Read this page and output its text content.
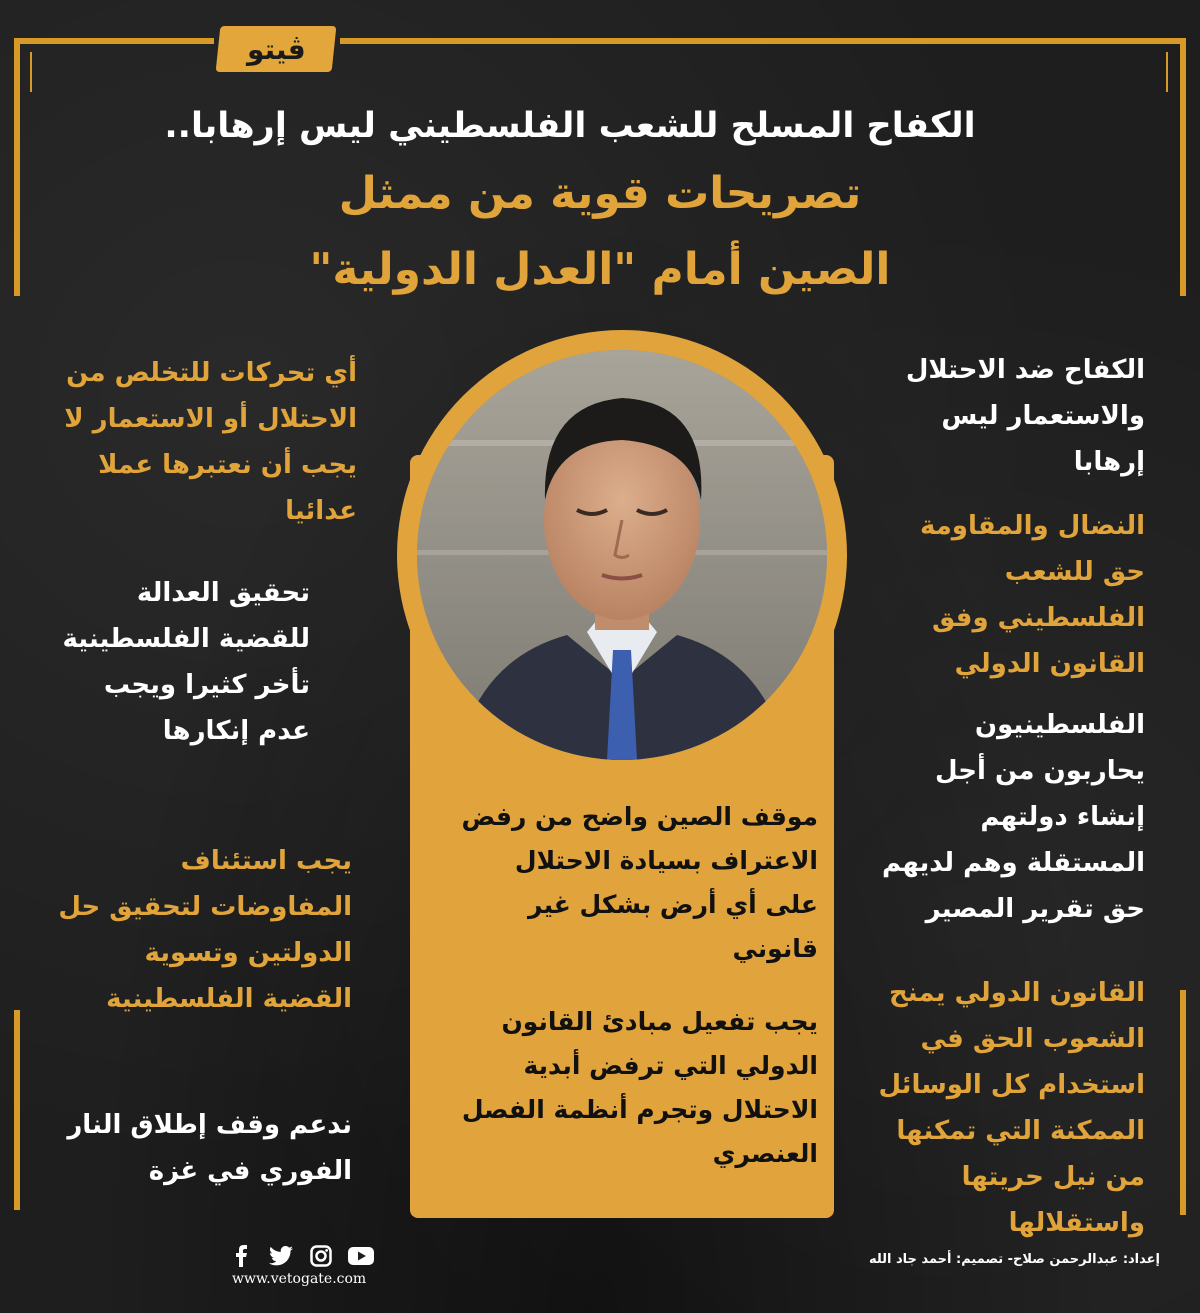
ڤيتو
الكفاح المسلح للشعب الفلسطيني ليس إرهابا..
تصريحات قوية من ممثل
الصين أمام "العدل الدولية"

الكفاح ضد الاحتلال والاستعمار ليس إرهابا

النضال والمقاومة حق للشعب الفلسطيني وفق القانون الدولي

الفلسطينيون يحاربون من أجل إنشاء دولتهم المستقلة وهم لديهم حق تقرير المصير

القانون الدولي يمنح الشعوب الحق في استخدام كل الوسائل الممكنة التي تمكنها من نيل حريتها واستقلالها

أي تحركات للتخلص من الاحتلال أو الاستعمار لا يجب أن نعتبرها عملا عدائيا

تحقيق العدالة للقضية الفلسطينية تأخر كثيرا ويجب عدم إنكارها

يجب استئناف المفاوضات لتحقيق حل الدولتين وتسوية القضية الفلسطينية

ندعم وقف إطلاق النار الفوري في غزة

موقف الصين واضح من رفض الاعتراف بسيادة الاحتلال على أي أرض بشكل غير قانوني

يجب تفعيل مبادئ القانون الدولي التي ترفض أبدية الاحتلال وتجرم أنظمة الفصل العنصري

www.vetogate.com
إعداد: عبدالرحمن صلاح- تصميم: أحمد جاد الله
